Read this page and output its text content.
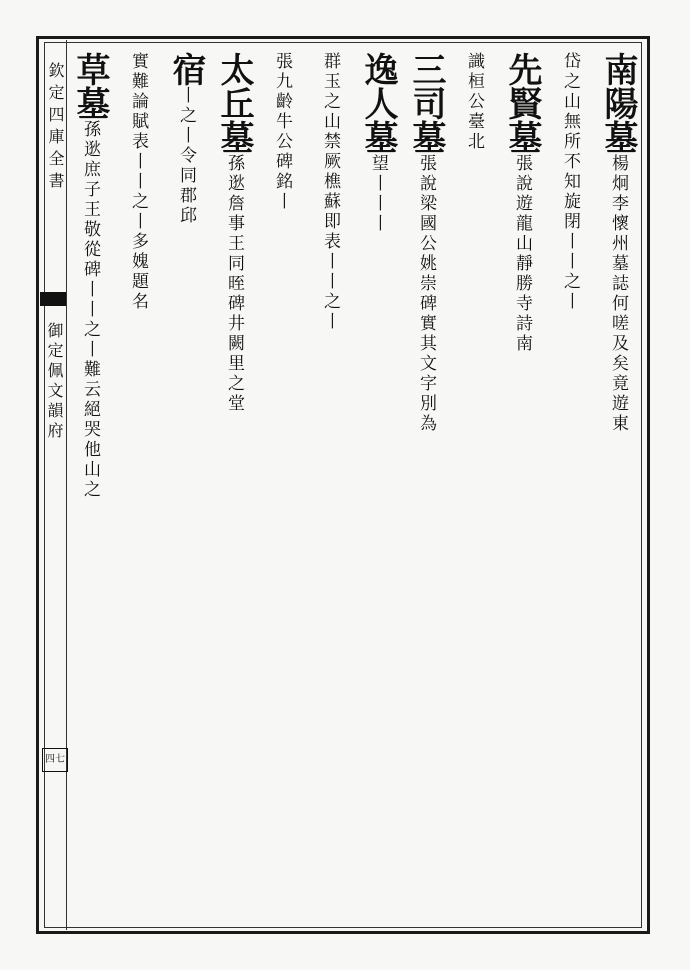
欽定四庫全書
御定佩文韻府
四七
南陽墓楊炯李懷州墓誌何嗟及矣竟遊東
岱之山無所不知旋閉丨丨之丨
先賢墓張說遊龍山靜勝寺詩南
識桓公臺北
三司墓張說梁國公姚崇碑實其文字別為
逸人墓望丨丨丨
群玉之山禁厥樵蘇即表丨丨之丨
張九齡牛公碑銘丨
太丘墓孫逖詹事王同晊碑井闕里之堂
宿丨之丨令同郡邱
實難論賦表丨丨之丨多媿題名
草墓孫逖庶子王敬從碑丨丨之丨難云絕哭他山之
